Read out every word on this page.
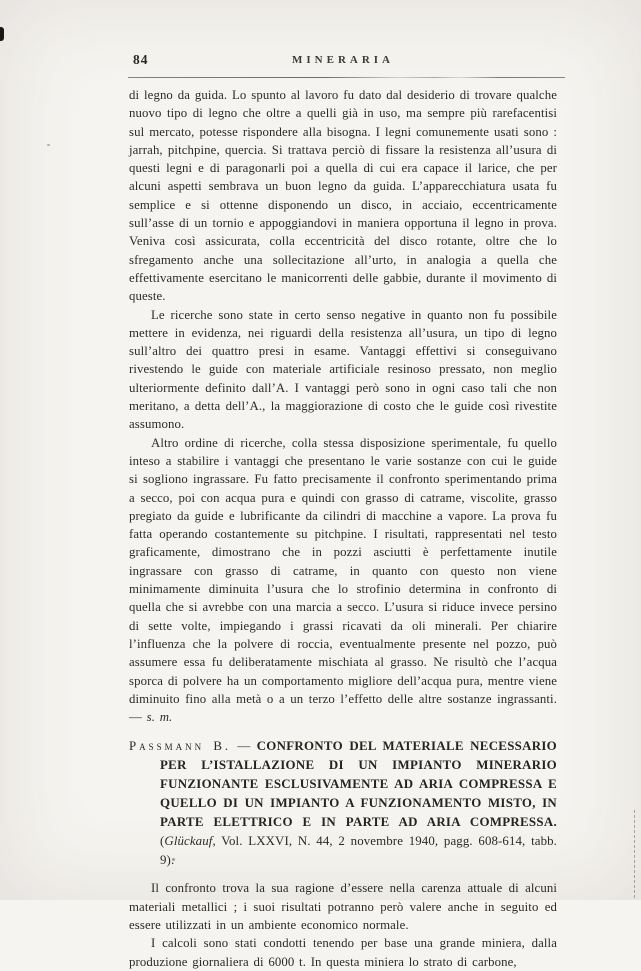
84	MINERARIA

di legno da guida. Lo spunto al lavoro fu dato dal desiderio di trovare qualche nuovo tipo di legno che oltre a quelli già in uso, ma sempre più rarefacentisi sul mercato, potesse rispondere alla bisogna. I legni comunemente usati sono : jarrah, pitchpine, quercia. Si trattava perciò di fissare la resistenza all’usura di questi legni e di paragonarli poi a quella di cui era capace il larice, che per alcuni aspetti sembrava un buon legno da guida. L’apparecchiatura usata fu semplice e si ottenne disponendo un disco, in acciaio, eccentricamente sull’asse di un tornio e appoggiandovi in maniera opportuna il legno in prova. Veniva così assicurata, colla eccentricità del disco rotante, oltre che lo sfregamento anche una sollecitazione all’urto, in analogia a quella che effettivamente esercitano le manicorrenti delle gabbie, durante il movimento di queste.

Le ricerche sono state in certo senso negative in quanto non fu possibile mettere in evidenza, nei riguardi della resistenza all’usura, un tipo di legno sull’altro dei quattro presi in esame. Vantaggi effettivi si conseguivano rivestendo le guide con materiale artificiale resinoso pressato, non meglio ulteriormente definito dall’A. I vantaggi però sono in ogni caso tali che non meritano, a detta dell’A., la maggiorazione di costo che le guide così rivestite assumono.

Altro ordine di ricerche, colla stessa disposizione sperimentale, fu quello inteso a stabilire i vantaggi che presentano le varie sostanze con cui le guide si sogliono ingrassare. Fu fatto precisamente il confronto sperimentando prima a secco, poi con acqua pura e quindi con grasso di catrame, viscolite, grasso pregiato da guide e lubrificante da cilindri di macchine a vapore. La prova fu fatta operando costantemente su pitchpine. I risultati, rappresentati nel testo graficamente, dimostrano che in pozzi asciutti è perfettamente inutile ingrassare con grasso di catrame, in quanto con questo non viene minimamente diminuita l’usura che lo strofinio determina in confronto di quella che si avrebbe con una marcia a secco. L’usura si riduce invece persino di sette volte, impiegando i grassi ricavati da oli minerali. Per chiarire l’influenza che la polvere di roccia, eventualmente presente nel pozzo, può assumere essa fu deliberatamente mischiata al grasso. Ne risultò che l’acqua sporca di polvere ha un comportamento migliore dell’acqua pura, mentre viene diminuito fino alla metà o a un terzo l’effetto delle altre sostanze ingrassanti. — s. m.

Passmann B. — CONFRONTO DEL MATERIALE NECESSARIO PER L’ISTALLAZIONE DI UN IMPIANTO MINERARIO FUNZIONANTE ESCLUSIVAMENTE AD ARIA COMPRESSA E QUELLO DI UN IMPIANTO A FUNZIONAMENTO MISTO, IN PARTE ELETTRICO E IN PARTE AD ARIA COMPRESSA. (Glückauf, Vol. LXXVI, N. 44, 2 novembre 1940, pagg. 608-614, tabb. 9).

Il confronto trova la sua ragione d’essere nella carenza attuale di alcuni materiali metallici ; i suoi risultati potranno però valere anche in seguito ed essere utilizzati in un ambiente economico normale.

I calcoli sono stati condotti tenendo per base una grande miniera, dalla produzione giornaliera di 6000 t. In questa miniera lo strato di carbone,
